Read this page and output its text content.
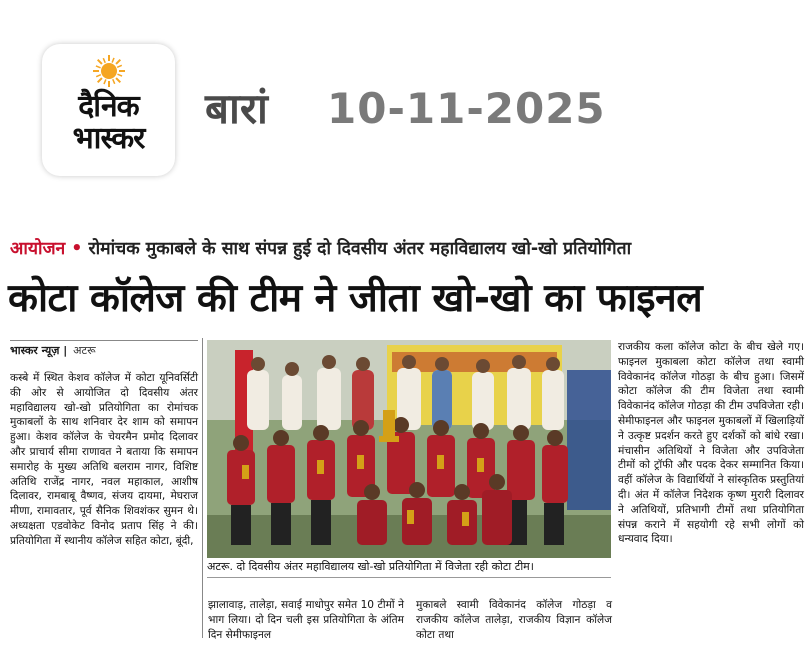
दैनिक
भास्कर
बारां 10-11-2025
आयोजन • रोमांचक मुकाबले के साथ संपन्न हुई दो दिवसीय अंतर महाविद्यालय खो-खो प्रतियोगिता
कोटा कॉलेज की टीम ने जीता खो-खो का फाइनल
भास्कर न्यूज़ | अटरू
कस्बे में स्थित केशव कॉलेज में कोटा यूनिवर्सिटी की ओर से आयोजित दो दिवसीय अंतर महाविद्यालय खो-खो प्रतियोगिता का रोमांचक मुकाबलों के साथ शनिवार देर शाम को समापन हुआ। केशव कॉलेज के चेयरमैन प्रमोद दिलावर और प्राचार्य सीमा राणावत ने बताया कि समापन समारोह के मुख्य अतिथि बलराम नागर, विशिष्ट अतिथि राजेंद्र नागर, नवल महाकाल, आशीष दिलावर, रामबाबू वैष्णव, संजय दायमा, मेघराज मीणा, रामावतार, पूर्व सैनिक शिवशंकर सुमन थे। अध्यक्षता एडवोकेट विनोद प्रताप सिंह ने की। प्रतियोगिता में स्थानीय कॉलेज सहित कोटा, बूंदी,
अटरू. दो दिवसीय अंतर महाविद्यालय खो-खो प्रतियोगिता में विजेता रही कोटा टीम।
झालावाड़, तालेड़ा, सवाई माधोपुर समेत 10 टीमों ने भाग लिया। दो दिन चली इस प्रतियोगिता के अंतिम दिन सेमीफाइनल
मुकाबले स्वामी विवेकानंद कॉलेज गोठड़ा व राजकीय कॉलेज तालेड़ा, राजकीय विज्ञान कॉलेज कोटा तथा
राजकीय कला कॉलेज कोटा के बीच खेले गए। फाइनल मुकाबला कोटा कॉलेज तथा स्वामी विवेकानंद कॉलेज गोठड़ा के बीच हुआ। जिसमें कोटा कॉलेज की टीम विजेता तथा स्वामी विवेकानंद कॉलेज गोठड़ा की टीम उपविजेता रही। सेमीफाइनल और फाइनल मुकाबलों में खिलाड़ियों ने उत्कृष्ट प्रदर्शन करते हुए दर्शकों को बांधे रखा। मंचासीन अतिथियों ने विजेता और उपविजेता टीमों को ट्रॉफी और पदक देकर सम्मानित किया। वहीं कॉलेज के विद्यार्थियों ने सांस्कृतिक प्रस्तुतियां दी। अंत में कॉलेज निदेशक कृष्ण मुरारी दिलावर ने अतिथियों, प्रतिभागी टीमों तथा प्रतियोगिता संपन्न कराने में सहयोगी रहे सभी लोगों को धन्यवाद दिया।
